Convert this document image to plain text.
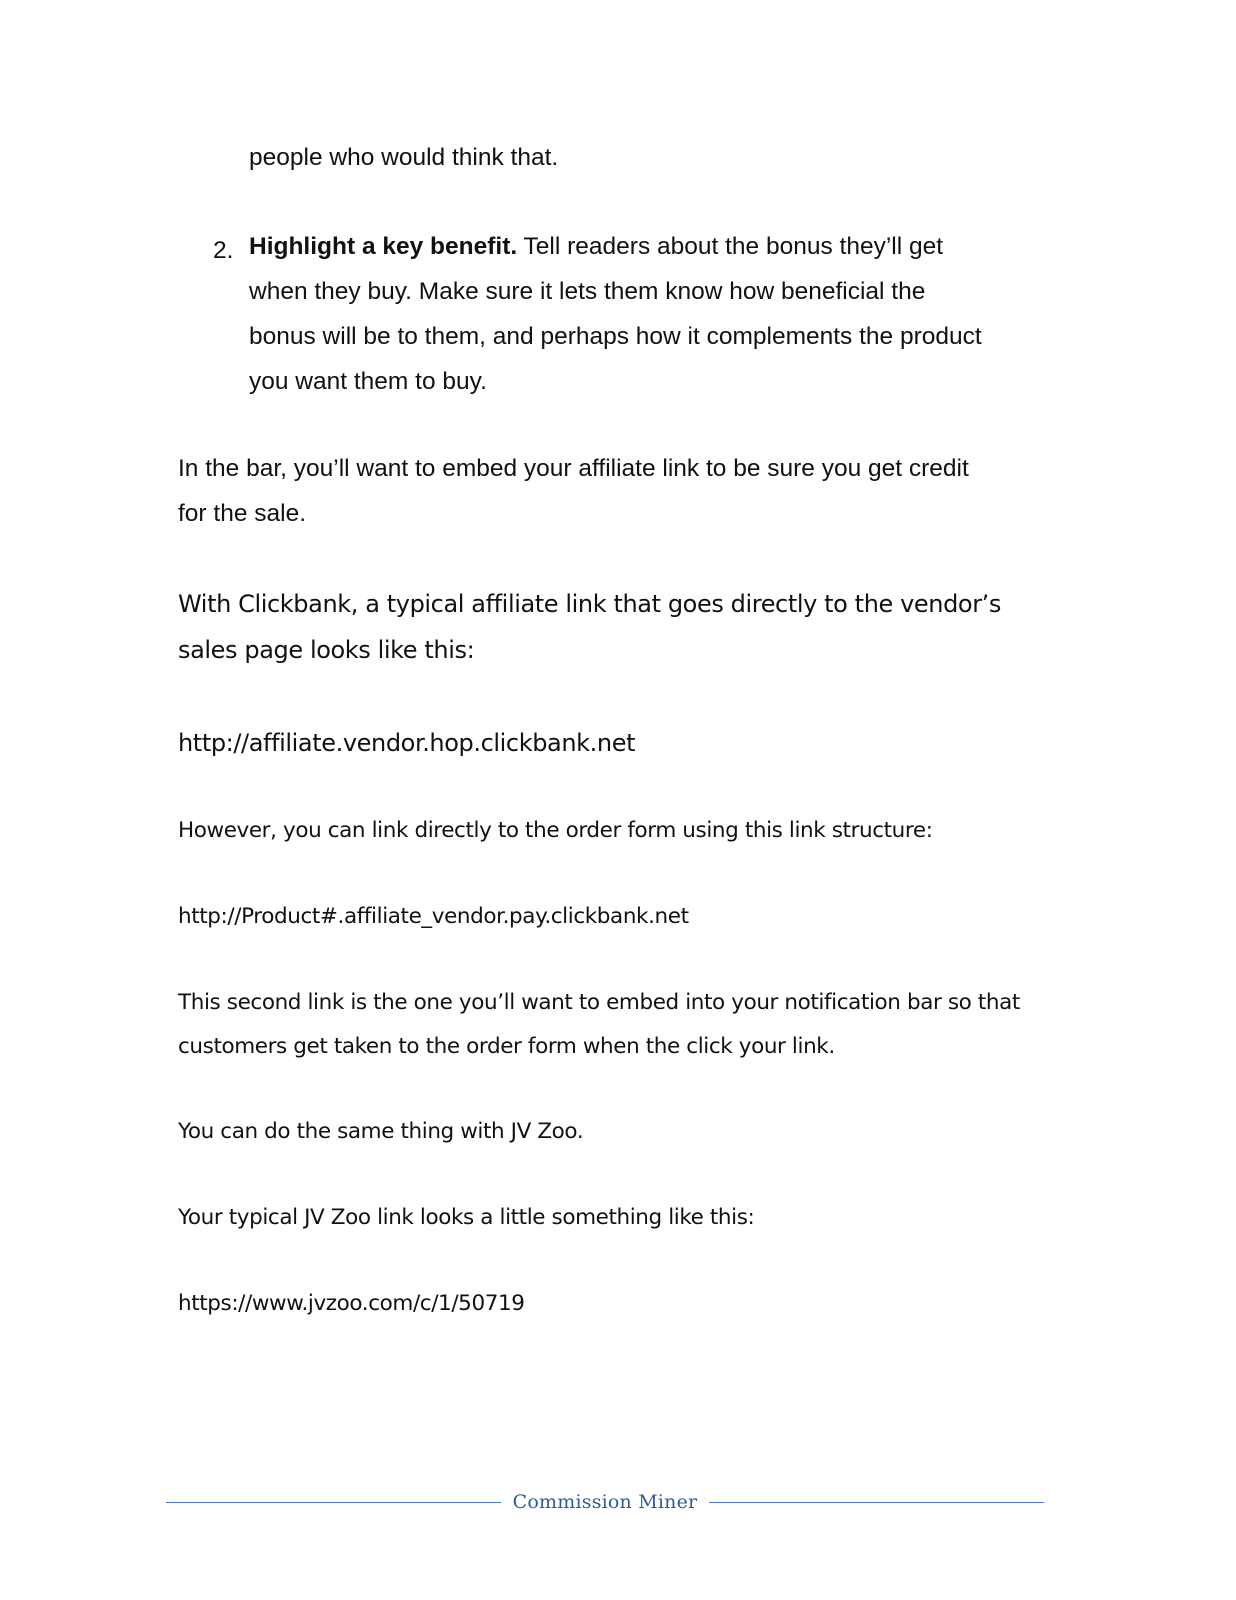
people who would think that.

2. Highlight a key benefit. Tell readers about the bonus they’ll get
when they buy. Make sure it lets them know how beneficial the
bonus will be to them, and perhaps how it complements the product
you want them to buy.

In the bar, you’ll want to embed your affiliate link to be sure you get credit
for the sale.

With Clickbank, a typical affiliate link that goes directly to the vendor’s
sales page looks like this:

http://affiliate.vendor.hop.clickbank.net

However, you can link directly to the order form using this link structure:

http://Product#.affiliate_vendor.pay.clickbank.net

This second link is the one you’ll want to embed into your notification bar so that
customers get taken to the order form when the click your link.

You can do the same thing with JV Zoo.

Your typical JV Zoo link looks a little something like this:

https://www.jvzoo.com/c/1/50719

Commission Miner
